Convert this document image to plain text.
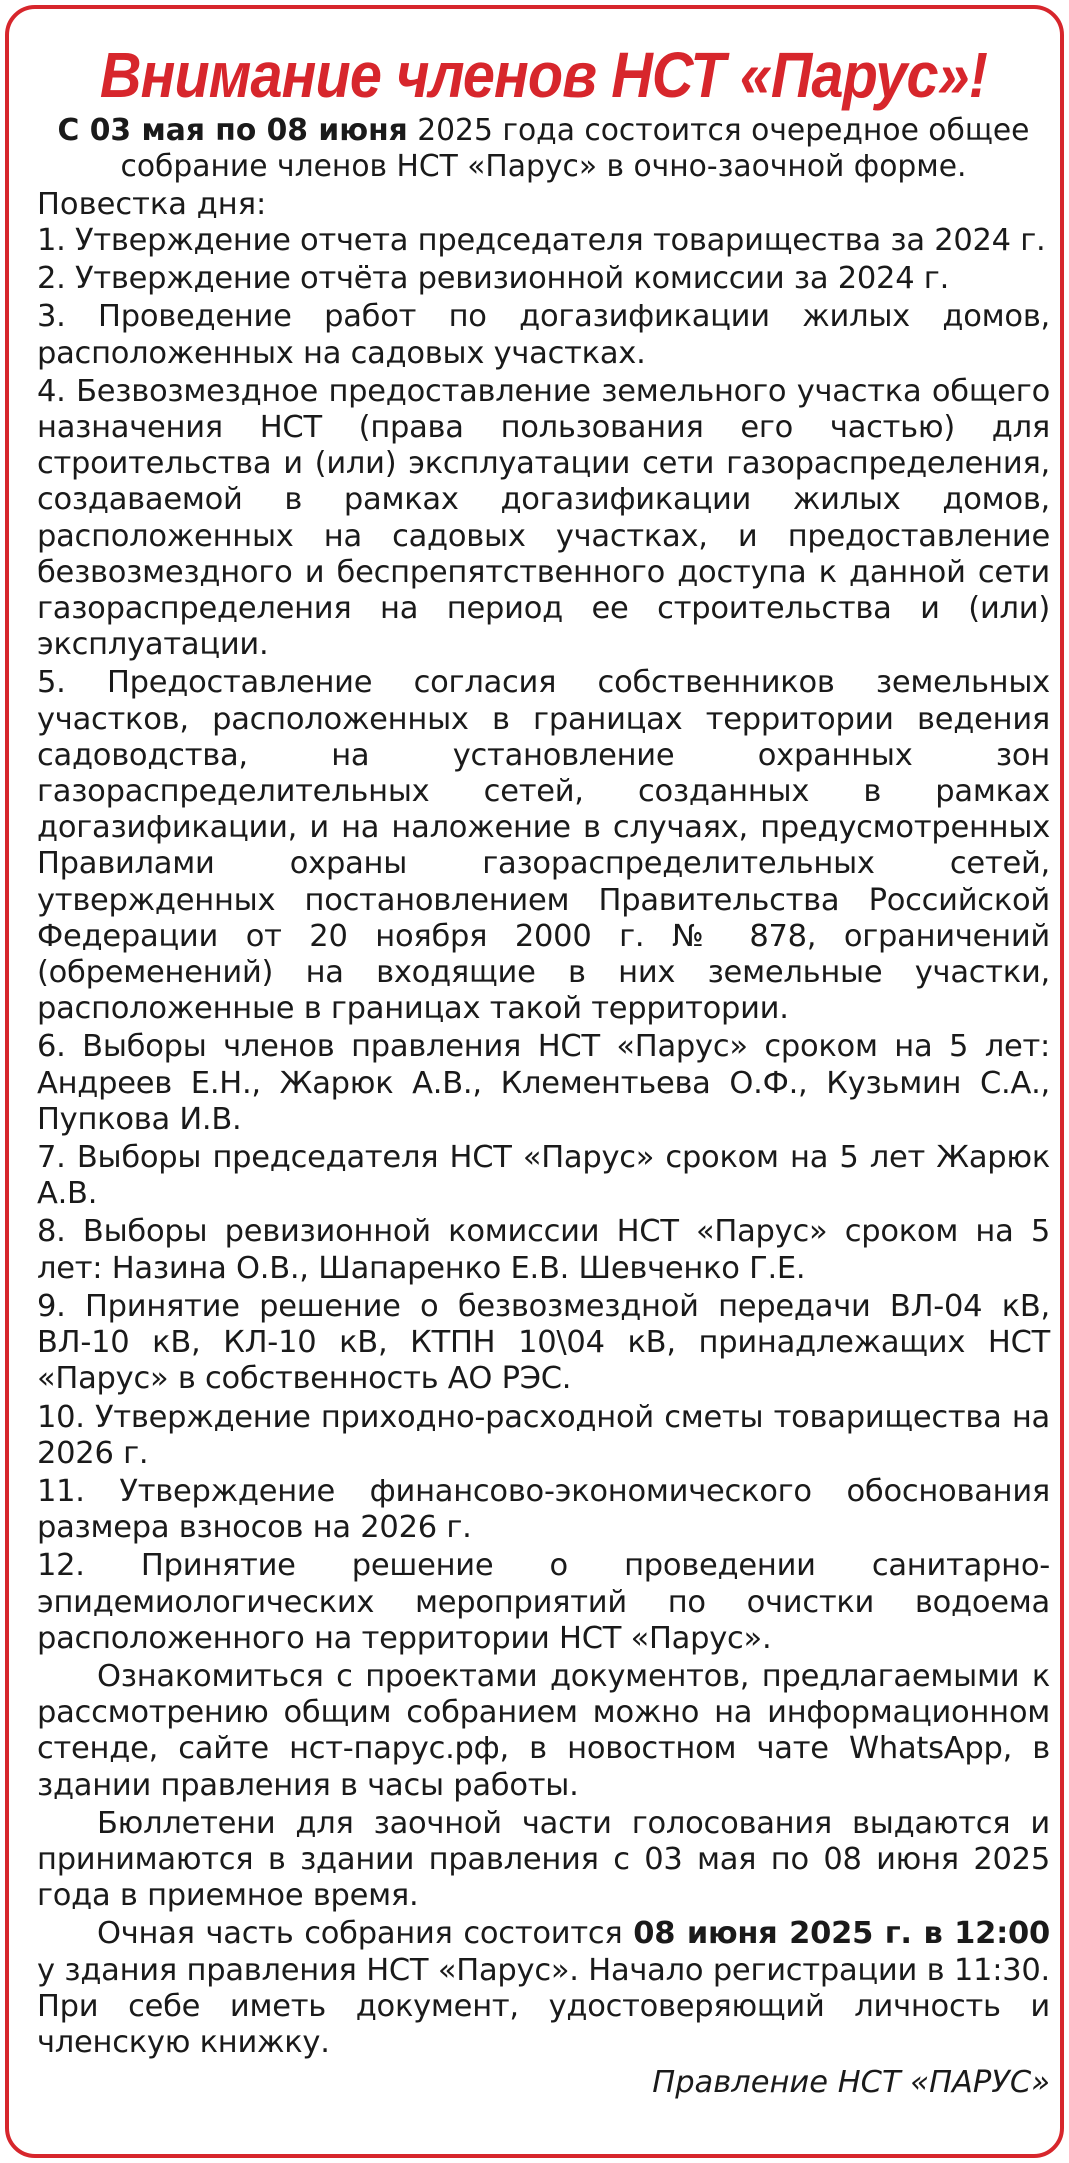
Внимание членов НСТ «Парус»!

С 03 мая по 08 июня 2025 года состоится очередное общее собрание членов НСТ «Парус» в очно-заочной форме.

Повестка дня:

1. Утверждение отчета председателя товарищества за 2024 г.

2. Утверждение отчёта ревизионной комиссии за 2024 г.

3. Проведение работ по догазификации жилых домов, расположенных на садовых участках.

4. Безвозмездное предоставление земельного участка общего назначения НСТ (права пользования его частью) для строительства и (или) эксплуатации сети газораспределения, создаваемой в рамках догазификации жилых домов, расположенных на садовых участках, и предоставление безвозмездного и беспрепятственного доступа к данной сети газораспределения на период ее строительства и (или) эксплуатации.

5. Предоставление согласия собственников земельных участков, расположенных в границах территории ведения садоводства, на установление охранных зон газораспределительных сетей, созданных в рамках догазификации, и на наложение в случаях, предусмотренных Правилами охраны газораспределительных сетей, утвержденных постановлением Правительства Российской Федерации от 20 ноября 2000 г. № 878, ограничений (обременений) на входящие в них земельные участки, расположенные в границах такой территории.

6. Выборы членов правления НСТ «Парус» сроком на 5 лет: Андреев Е.Н., Жарюк А.В., Клементьева О.Ф., Кузьмин С.А., Пупкова И.В.

7. Выборы председателя НСТ «Парус» сроком на 5 лет Жарюк А.В.

8. Выборы ревизионной комиссии НСТ «Парус» сроком на 5 лет: Назина О.В., Шапаренко Е.В. Шевченко Г.Е.

9. Принятие решение о безвозмездной передачи ВЛ-04 кВ, ВЛ-10 кВ, КЛ-10 кВ, КТПН 10\04 кВ, принадлежащих НСТ «Парус» в собственность АО РЭС.

10. Утверждение приходно-расходной сметы товарищества на 2026 г.

11. Утверждение финансово-экономического обоснования размера взносов на 2026 г.

12. Принятие решение о проведении санитарно-эпидемиологических мероприятий по очистки водоема расположенного на территории НСТ «Парус».

Ознакомиться с проектами документов, предлагаемыми к рассмотрению общим собранием можно на информационном стенде, сайте нст-парус.рф, в новостном чате WhatsApp, в здании правления в часы работы.

Бюллетени для заочной части голосования выдаются и принимаются в здании правления с 03 мая по 08 июня 2025 года в приемное время.

Очная часть собрания состоится 08 июня 2025 г. в 12:00 у здания правления НСТ «Парус». Начало регистрации в 11:30. При себе иметь документ, удостоверяющий личность и членскую книжку.

Правление НСТ «ПАРУС»
